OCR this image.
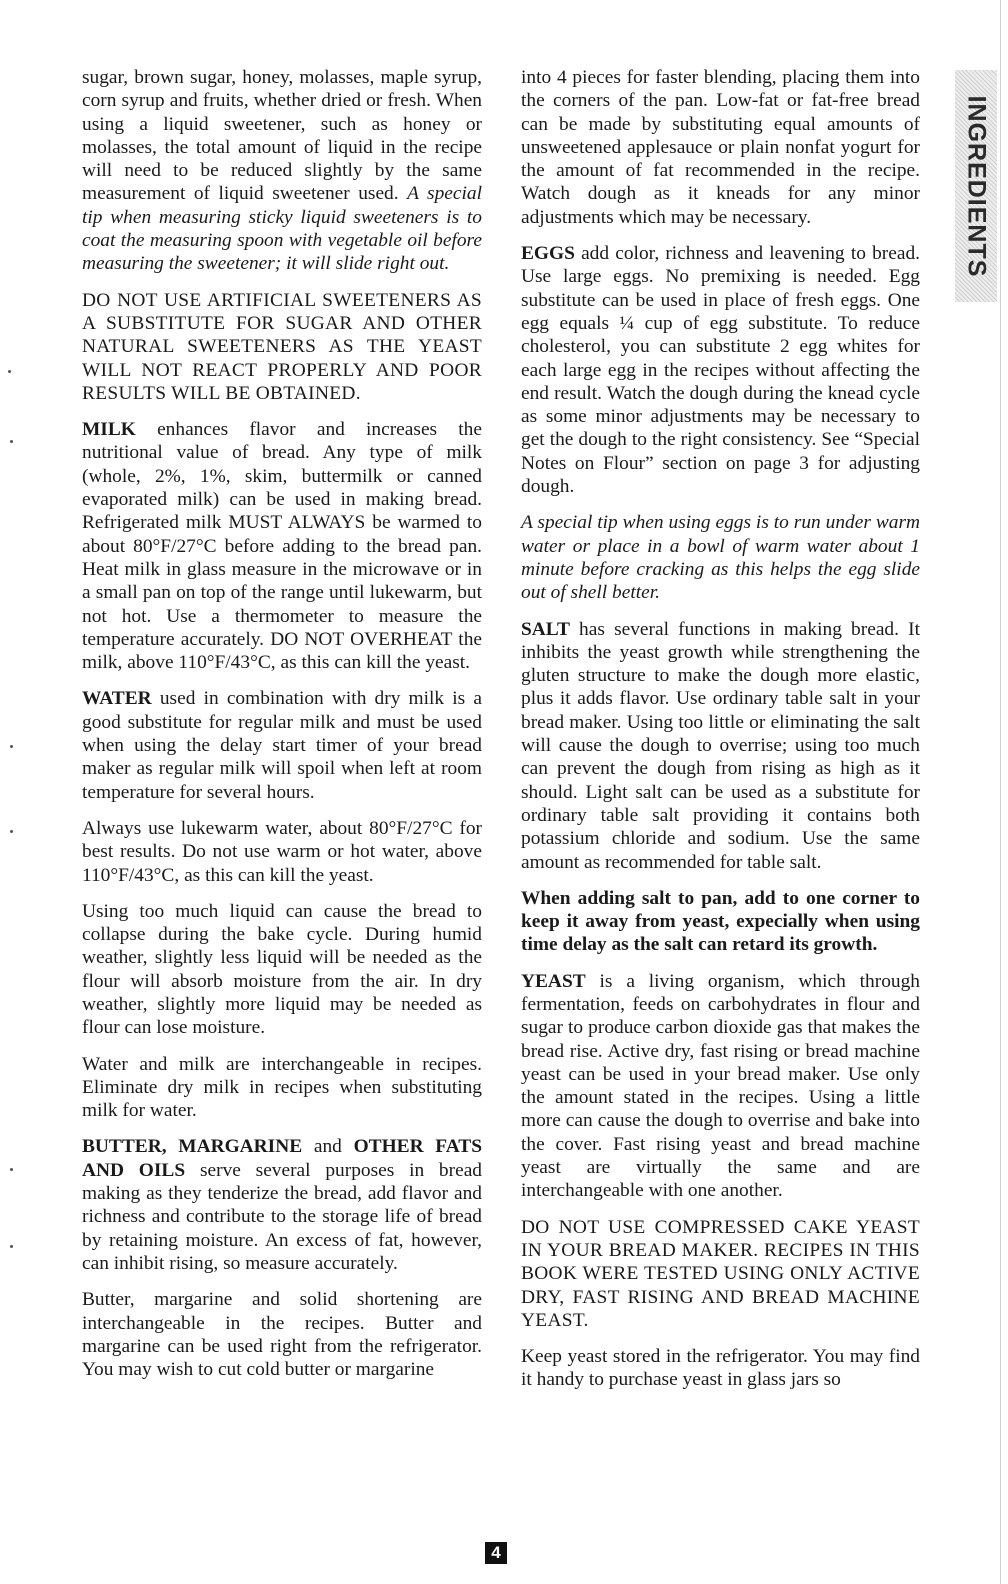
sugar, brown sugar, honey, molasses, maple syrup, corn syrup and fruits, whether dried or fresh. When using a liquid sweetener, such as honey or molasses, the total amount of liquid in the recipe will need to be reduced slightly by the same measurement of liquid sweetener used. A special tip when measuring sticky liquid sweeteners is to coat the measuring spoon with vegetable oil before measuring the sweetener; it will slide right out.

DO NOT USE ARTIFICIAL SWEETENERS AS A SUBSTITUTE FOR SUGAR AND OTHER NATURAL SWEETENERS AS THE YEAST WILL NOT REACT PROPERLY AND POOR RESULTS WILL BE OBTAINED.

MILK enhances flavor and increases the nutritional value of bread. Any type of milk (whole, 2%, 1%, skim, buttermilk or canned evaporated milk) can be used in making bread. Refrigerated milk MUST ALWAYS be warmed to about 80°F/27°C before adding to the bread pan. Heat milk in glass measure in the microwave or in a small pan on top of the range until lukewarm, but not hot. Use a thermometer to measure the temperature accurately. DO NOT OVERHEAT the milk, above 110°F/43°C, as this can kill the yeast.

WATER used in combination with dry milk is a good substitute for regular milk and must be used when using the delay start timer of your bread maker as regular milk will spoil when left at room temperature for several hours.

Always use lukewarm water, about 80°F/27°C for best results. Do not use warm or hot water, above 110°F/43°C, as this can kill the yeast.

Using too much liquid can cause the bread to collapse during the bake cycle. During humid weather, slightly less liquid will be needed as the flour will absorb moisture from the air. In dry weather, slightly more liquid may be needed as flour can lose moisture.

Water and milk are interchangeable in recipes. Eliminate dry milk in recipes when substituting milk for water.

BUTTER, MARGARINE and OTHER FATS AND OILS serve several purposes in bread making as they tenderize the bread, add flavor and richness and contribute to the storage life of bread by retaining moisture. An excess of fat, however, can inhibit rising, so measure accurately.

Butter, margarine and solid shortening are interchangeable in the recipes. Butter and margarine can be used right from the refrigerator. You may wish to cut cold butter or margarine

into 4 pieces for faster blending, placing them into the corners of the pan. Low-fat or fat-free bread can be made by substituting equal amounts of unsweetened applesauce or plain nonfat yogurt for the amount of fat recommended in the recipe. Watch dough as it kneads for any minor adjustments which may be necessary.

EGGS add color, richness and leavening to bread. Use large eggs. No premixing is needed. Egg substitute can be used in place of fresh eggs. One egg equals ¼ cup of egg substitute. To reduce cholesterol, you can substitute 2 egg whites for each large egg in the recipes without affecting the end result. Watch the dough during the knead cycle as some minor adjustments may be necessary to get the dough to the right consistency. See “Special Notes on Flour” section on page 3 for adjusting dough.

A special tip when using eggs is to run under warm water or place in a bowl of warm water about 1 minute before cracking as this helps the egg slide out of shell better.

SALT has several functions in making bread. It inhibits the yeast growth while strengthening the gluten structure to make the dough more elastic, plus it adds flavor. Use ordinary table salt in your bread maker. Using too little or eliminating the salt will cause the dough to overrise; using too much can prevent the dough from rising as high as it should. Light salt can be used as a substitute for ordinary table salt providing it contains both potassium chloride and sodium. Use the same amount as recommended for table salt.

When adding salt to pan, add to one corner to keep it away from yeast, expecially when using time delay as the salt can retard its growth.

YEAST is a living organism, which through fermentation, feeds on carbohydrates in flour and sugar to produce carbon dioxide gas that makes the bread rise. Active dry, fast rising or bread machine yeast can be used in your bread maker. Use only the amount stated in the recipes. Using a little more can cause the dough to overrise and bake into the cover. Fast rising yeast and bread machine yeast are virtually the same and are interchangeable with one another.

DO NOT USE COMPRESSED CAKE YEAST IN YOUR BREAD MAKER. RECIPES IN THIS BOOK WERE TESTED USING ONLY ACTIVE DRY, FAST RISING AND BREAD MACHINE YEAST.

Keep yeast stored in the refrigerator. You may find it handy to purchase yeast in glass jars so

INGREDIENTS
4
